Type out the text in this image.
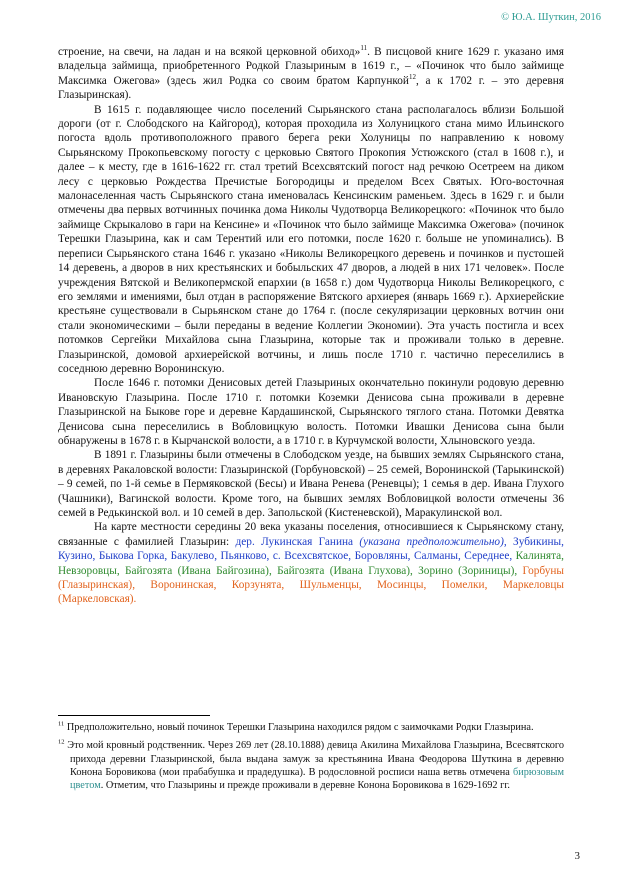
© Ю.А. Шуткин, 2016

строение, на свечи, на ладан и на всякой церковной обиход»$^{11}$. В писцовой книге 1629 г. указано имя владельца займища, приобретенного Родкой Глазыриным в 1619 г., – «Починок что было займище Максимка Ожегова» (здесь жил Родка со своим братом Карпункой$^{12}$, а к 1702 г. – это деревня Глазыринская).

В 1615 г. подавляющее число поселений Сырьянского стана располагалось вблизи Большой дороги (от г. Слободского на Кайгород), которая проходила из Холуницкого стана мимо Ильинского погоста вдоль противоположного правого берега реки Холуницы по направлению к новому Сырьянскому Прокопьевскому погосту с церковью Святого Прокопия Устюжского (стал в 1608 г.), и далее – к месту, где в 1616-1622 гг. стал третий Всехсвятский погост над речкою Осетреем на диком лесу с церковью Рождества Пречистые Богородицы и пределом Всех Святых. Юго-восточная малонаселенная часть Сырьянского стана именовалась Кенсинским раменьем. Здесь в 1629 г. и были отмечены два первых вотчинных починка дома Николы Чудотворца Великорецкого: «Починок что было займище Скрыкалово в гари на Кенсине» и «Починок что было займище Максимка Ожегова» (починок Терешки Глазырина, как и сам Терентий или его потомки, после 1620 г. больше не упоминались). В переписи Сырьянского стана 1646 г. указано «Николы Великорецкого деревень и починков и пустошей 14 деревень, а дворов в них крестьянских и бобыльских 47 дворов, а людей в них 171 человек». После учреждения Вятской и Великопермской епархии (в 1658 г.) дом Чудотворца Николы Великорецкого, с его землями и имениями, был отдан в распоряжение Вятского архиерея (январь 1669 г.). Архиерейские крестьяне существовали в Сырьянском стане до 1764 г. (после секуляризации церковных вотчин они стали экономическими – были переданы в ведение Коллегии Экономии). Эта участь постигла и всех потомков Сергейки Михайлова сына Глазырина, которые так и проживали только в деревне. Глазыринской, домовой архиерейской вотчины, и лишь после 1710 г. частично переселились в соседнюю деревню Воронинскую.

После 1646 г. потомки Денисовых детей Глазыриных окончательно покинули родовую деревню Ивановскую Глазырина. После 1710 г. потомки Коземки Денисова сына проживали в деревне Глазыринской на Быкове горе и деревне Кардашинской, Сырьянского тяглого стана. Потомки Девятка Денисова сына переселились в Вобловицкую волость. Потомки Ивашки Денисова сына были обнаружены в 1678 г. в Кырчанской волости, а в 1710 г. в Курчумской волости, Хлыновского уезда.

В 1891 г. Глазырины были отмечены в Слободском уезде, на бывших землях Сырьянского стана, в деревнях Ракаловской волости: Глазыринской (Горбуновской) – 25 семей, Воронинской (Тарыкинской) – 9 семей, по 1-й семье в Пермяковской (Бесы) и Ивана Ренева (Реневцы); 1 семья в дер. Ивана Глухого (Чашники), Вагинской волости. Кроме того, на бывших землях Вобловицкой волости отмечены 36 семей в Редькинской вол. и 10 семей в дер. Запольской (Кистеневской), Маракулинской вол.

На карте местности середины 20 века указаны поселения, относившиеся к Сырьянскому стану, связанные с фамилией Глазырин: дер. Лукинская Ганина (указана предположительно), Зубикины, Кузино, Быкова Горка, Бакулево, Пьянково, с. Всехсвятское, Боровляны, Салманы, Середнее, Калинята, Невзоровцы, Байгозята (Ивана Байгозина), Байгозята (Ивана Глухова), Зорино (Зориницы), Горбуны (Глазыринская), Воронинская, Корзунята, Шульменцы, Мосинцы, Помелки, Маркеловцы (Маркеловская).

$^{11}$ Предположительно, новый починок Терешки Глазырина находился рядом с заимочками Родки Глазырина.

$^{12}$ Это мой кровный родственник. Через 269 лет (28.10.1888) девица Акилина Михайлова Глазырина, Всесвятского прихода деревни Глазыринской, была выдана замуж за крестьянина Ивана Феодорова Шуткина в деревню Конона Боровикова (мои прабабушка и прадедушка). В родословной росписи наша ветвь отмечена бирюзовым цветом. Отметим, что Глазырины и прежде проживали в деревне Конона Боровикова в 1629-1692 гг.

3
